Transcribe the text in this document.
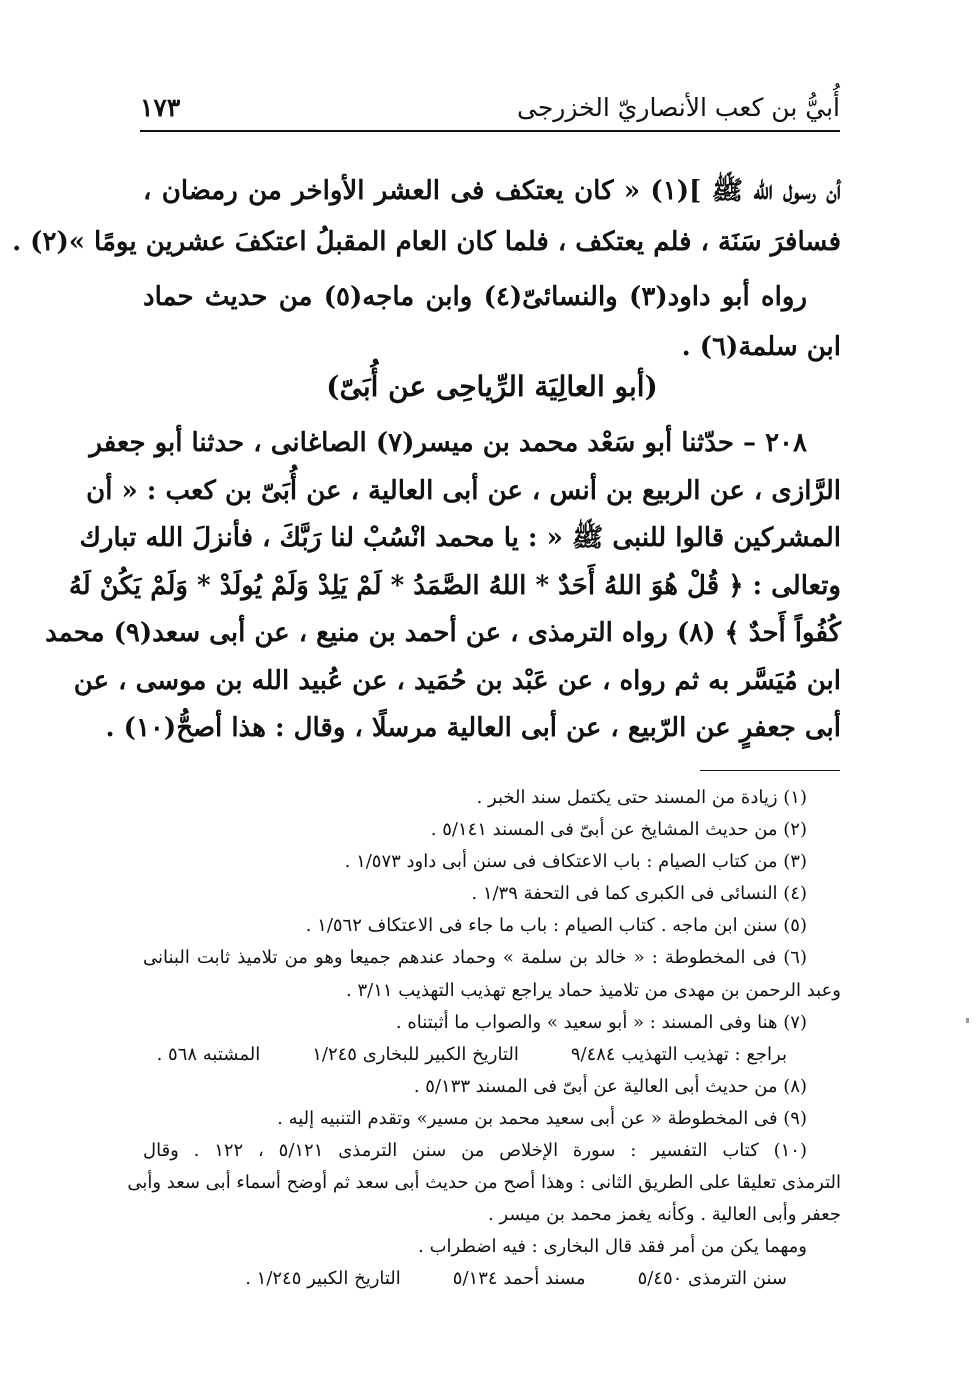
أُبيُّ بن كعب الأنصاريّ الخزرجى
١٧٣
أن رسول الله ﷺ ](١) « كان يعتكف فى العشر الأواخر من رمضان ،
فسافرَ سَنَة ، فلم يعتكف ، فلما كان العام المقبلُ اعتكفَ عشرين يومًا »(٢) .
رواه أبو داود(٣) والنسائىّ(٤) وابن ماجه(٥) من حديث حماد
ابن سلمة(٦) .
(أبو العالِيَة الرِّياحِى عن أُبَىّ)
٢٠٨ – حدّثنا أبو سَعْد محمد بن ميسر(٧) الصاغانى ، حدثنا أبو جعفر
الرَّازى ، عن الربيع بن أنس ، عن أبى العالية ، عن أُبَىّ بن كعب : « أن
المشركين قالوا للنبى ﷺ « : يا محمد انْسُبْ لنا رَبَّكَ ، فأنزلَ الله تبارك
وتعالى : ﴿ قُلْ هُوَ اللهُ أَحَدٌ * اللهُ الصَّمَدُ * لَمْ يَلِدْ وَلَمْ يُولَدْ * وَلَمْ يَكُنْ لَهُ
كُفُواً أَحدٌ ﴾ (٨) رواه الترمذى ، عن أحمد بن منيع ، عن أبى سعد(٩) محمد
ابن مُيَسَّر به ثم رواه ، عن عَبْد بن حُمَيد ، عن عُبيد الله بن موسى ، عن
أبى جعفرٍ عن الرّبيع ، عن أبى العالية مرسلًا ، وقال : هذا أصحُّ(١٠) .
(١) زيادة من المسند حتى يكتمل سند الخبر .
(٢) من حديث المشايخ عن أبىّ فى المسند ٥/١٤١ .
(٣) من كتاب الصيام : باب الاعتكاف فى سنن أبى داود ١/٥٧٣ .
(٤) النسائى فى الكبرى كما فى التحفة ١/٣٩ .
(٥) سنن ابن ماجه . كتاب الصيام : باب ما جاء فى الاعتكاف ١/٥٦٢ .
(٦) فى المخطوطة : « خالد بن سلمة » وحماد عندهم جميعا وهو من تلاميذ ثابت البنانى
وعبد الرحمن بن مهدى من تلاميذ حماد يراجع تهذيب التهذيب ٣/١١ .
(٧) هنا وفى المسند : « أبو سعيد » والصواب ما أثبتناه .
براجع : تهذيب التهذيب ٩/٤٨٤
التاريخ الكبير للبخارى ١/٢٤٥
المشتبه ٥٦٨ .
(٨) من حديث أبى العالية عن أبىّ فى المسند ٥/١٣٣ .
(٩) فى المخطوطة « عن أبى سعيد محمد بن مسير» وتقدم التنبيه إليه .
(١٠) كتاب التفسير : سورة الإخلاص من سنن الترمذى ٥/١٢١ ، ١٢٢ . وقال
الترمذى تعليقا على الطريق الثانى : وهذا أصح من حديث أبى سعد ثم أوضح أسماء أبى سعد وأبى
جعفر وأبى العالية . وكأنه يغمز محمد بن ميسر .
ومهما يكن من أمر فقد قال البخارى : فيه اضطراب .
سنن الترمذى ٥/٤٥٠
مسند أحمد ٥/١٣٤
التاريخ الكبير ١/٢٤٥ .
